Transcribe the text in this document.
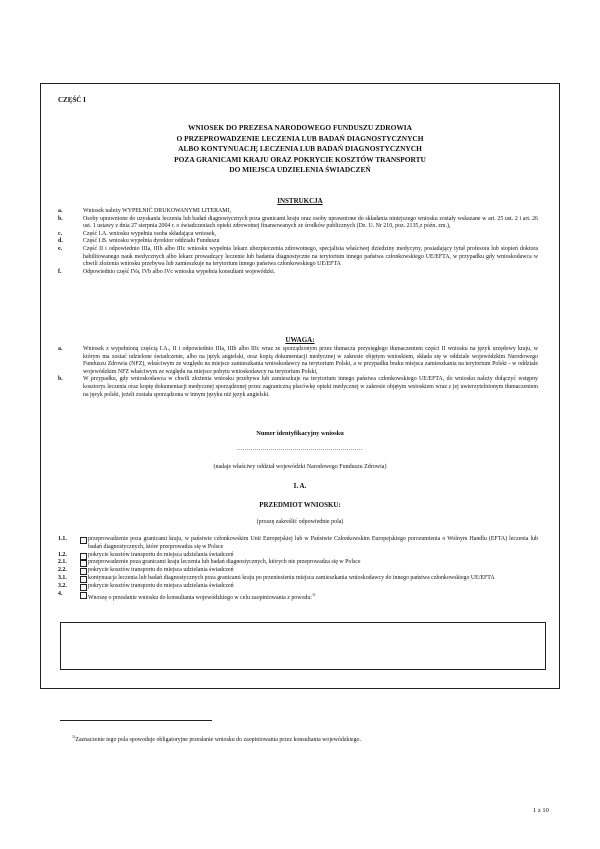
CZĘŚĆ I
WNIOSEK DO PREZESA NARODOWEGO FUNDUSZU ZDROWIA
O PRZEPROWADZENIE LECZENIA LUB BADAŃ DIAGNOSTYCZNYCH
ALBO KONTYNUACJĘ LECZENIA LUB BADAŃ DIAGNOSTYCZNYCH
POZA GRANICAMI KRAJU ORAZ POKRYCIE KOSZTÓW TRANSPORTU
DO MIEJSCA UDZIELENIA ŚWIADCZEŃ
INSTRUKCJA
a.	Wniosek należy WYPEŁNIĆ DRUKOWANYMI LITERAMI,
b.	Osoby uprawnione do uzyskania leczenia lub badań diagnostycznych poza granicami kraju oraz osoby uprawnione do składania niniejszego wniosku zostały wskazane w art. 25 ust. 2 i art. 26 ust. 1 ustawy z dnia 27 sierpnia 2004 r. o świadczeniach opieki zdrowotnej finansowanych ze środków publicznych (Dz. U. Nr 210, poz. 2135,z późn. zm.),
c.	Część I.A. wniosku wypełnia osoba składająca wniosek,
d.	Część I.B. wniosku wypełnia dyrektor oddziału Funduszu
e.	Część II i odpowiednio IIIa, IIIb albo IIIc wniosku wypełnia lekarz ubezpieczenia zdrowotnego, specjalista właściwej dziedziny medycyny, posiadający tytuł profesora lub stopień doktora habilitowanego nauk medycznych albo lekarz prowadzący leczenie lub badania diagnostyczne na terytorium innego państwa członkowskiego UE/EFTA, w przypadku gdy wnioskodawca w chwili złożenia wniosku przebywa lub zamieszkuje na terytorium innego państwa członkowskiego UE/EFTA
f.	Odpowiednio część IVa, IVb albo IVc wniosku wypełnia konsultant wojewódzki.
UWAGA:
a.	Wniosek z wypełnioną częścią I.A., II i odpowiednio IIIa, IIIb albo IIIc wraz ze sporządzonym przez tłumacza przysięgłego tłumaczeniem części II wniosku na język urzędowy kraju, w którym ma zostać udzielone świadczenie, albo na język angielski, oraz kopią dokumentacji medycznej w zakresie objętym wnioskiem, składa się w oddziale wojewódzkim Narodowego Funduszu Zdrowia (NFZ), właściwym ze względu na miejsce zamieszkania wnioskodawcy na terytorium Polski, a w przypadku braku miejsca zamieszkania na terytorium Polski - w oddziale wojewódzkim NFZ właściwym ze względu na miejsce pobytu wnioskodawcy na terytorium Polski,
b.	W przypadku, gdy wnioskodawca w chwili złożenia wniosku przebywa lub zamieszkuje na terytorium innego państwa członkowskiego UE/EFTA, do wniosku należy dołączyć wstępny kosztorys leczenia oraz kopię dokumentacji medycznej sporządzonej przez zagraniczną placówkę opieki medycznej w zakresie objętym wnioskiem wraz z jej uwierzytelnionym tłumaczeniem na język polski, jeżeli została sporządzona w innym języku niż język angielski.
Numer identyfikacyjny wniosku
...............................................................
(nadaje właściwy oddział wojewódzki Narodowego Funduszu Zdrowia)
I. A.
PRZEDMIOT WNIOSKU:
(proszę zakreślić odpowiednie pola)
1.1.	przeprowadzenie poza granicami kraju, w państwie członkowskim Unii Europejskiej lub w Państwie Członkowskim Europejskiego porozumienia o Wolnym Handlu (EFTA) leczenia lub badań diagnostycznych, które przeprowadza się w Polsce
1.2.	pokrycie kosztów transportu do miejsca udzielania świadczeń
2.1.	przeprowadzenie poza granicami kraju leczenia lub badań diagnostycznych, których nie przeprowadza się w Polsce
2.2.	pokrycie kosztów transportu do miejsca udzielania świadczeń
3.1.	kontynuacja leczenia lub badań diagnostycznych poza granicami kraju po przeniesieniu miejsca zamieszkania wnioskodawcy do innego państwa członkowskiego UE/EFTA
3.2.	pokrycie kosztów transportu do miejsca udzielania świadczeń
4.
Wnoszę o przesłanie wniosku do konsultanta wojewódzkiego w celu zaopiniowania z powodu:$^{1)}$
$^{1)}$Zaznaczenie tego pola spowoduje obligatoryjne przesłanie wniosku do zaopiniowania przez konsultanta wojewódzkiego.
1 z 10
